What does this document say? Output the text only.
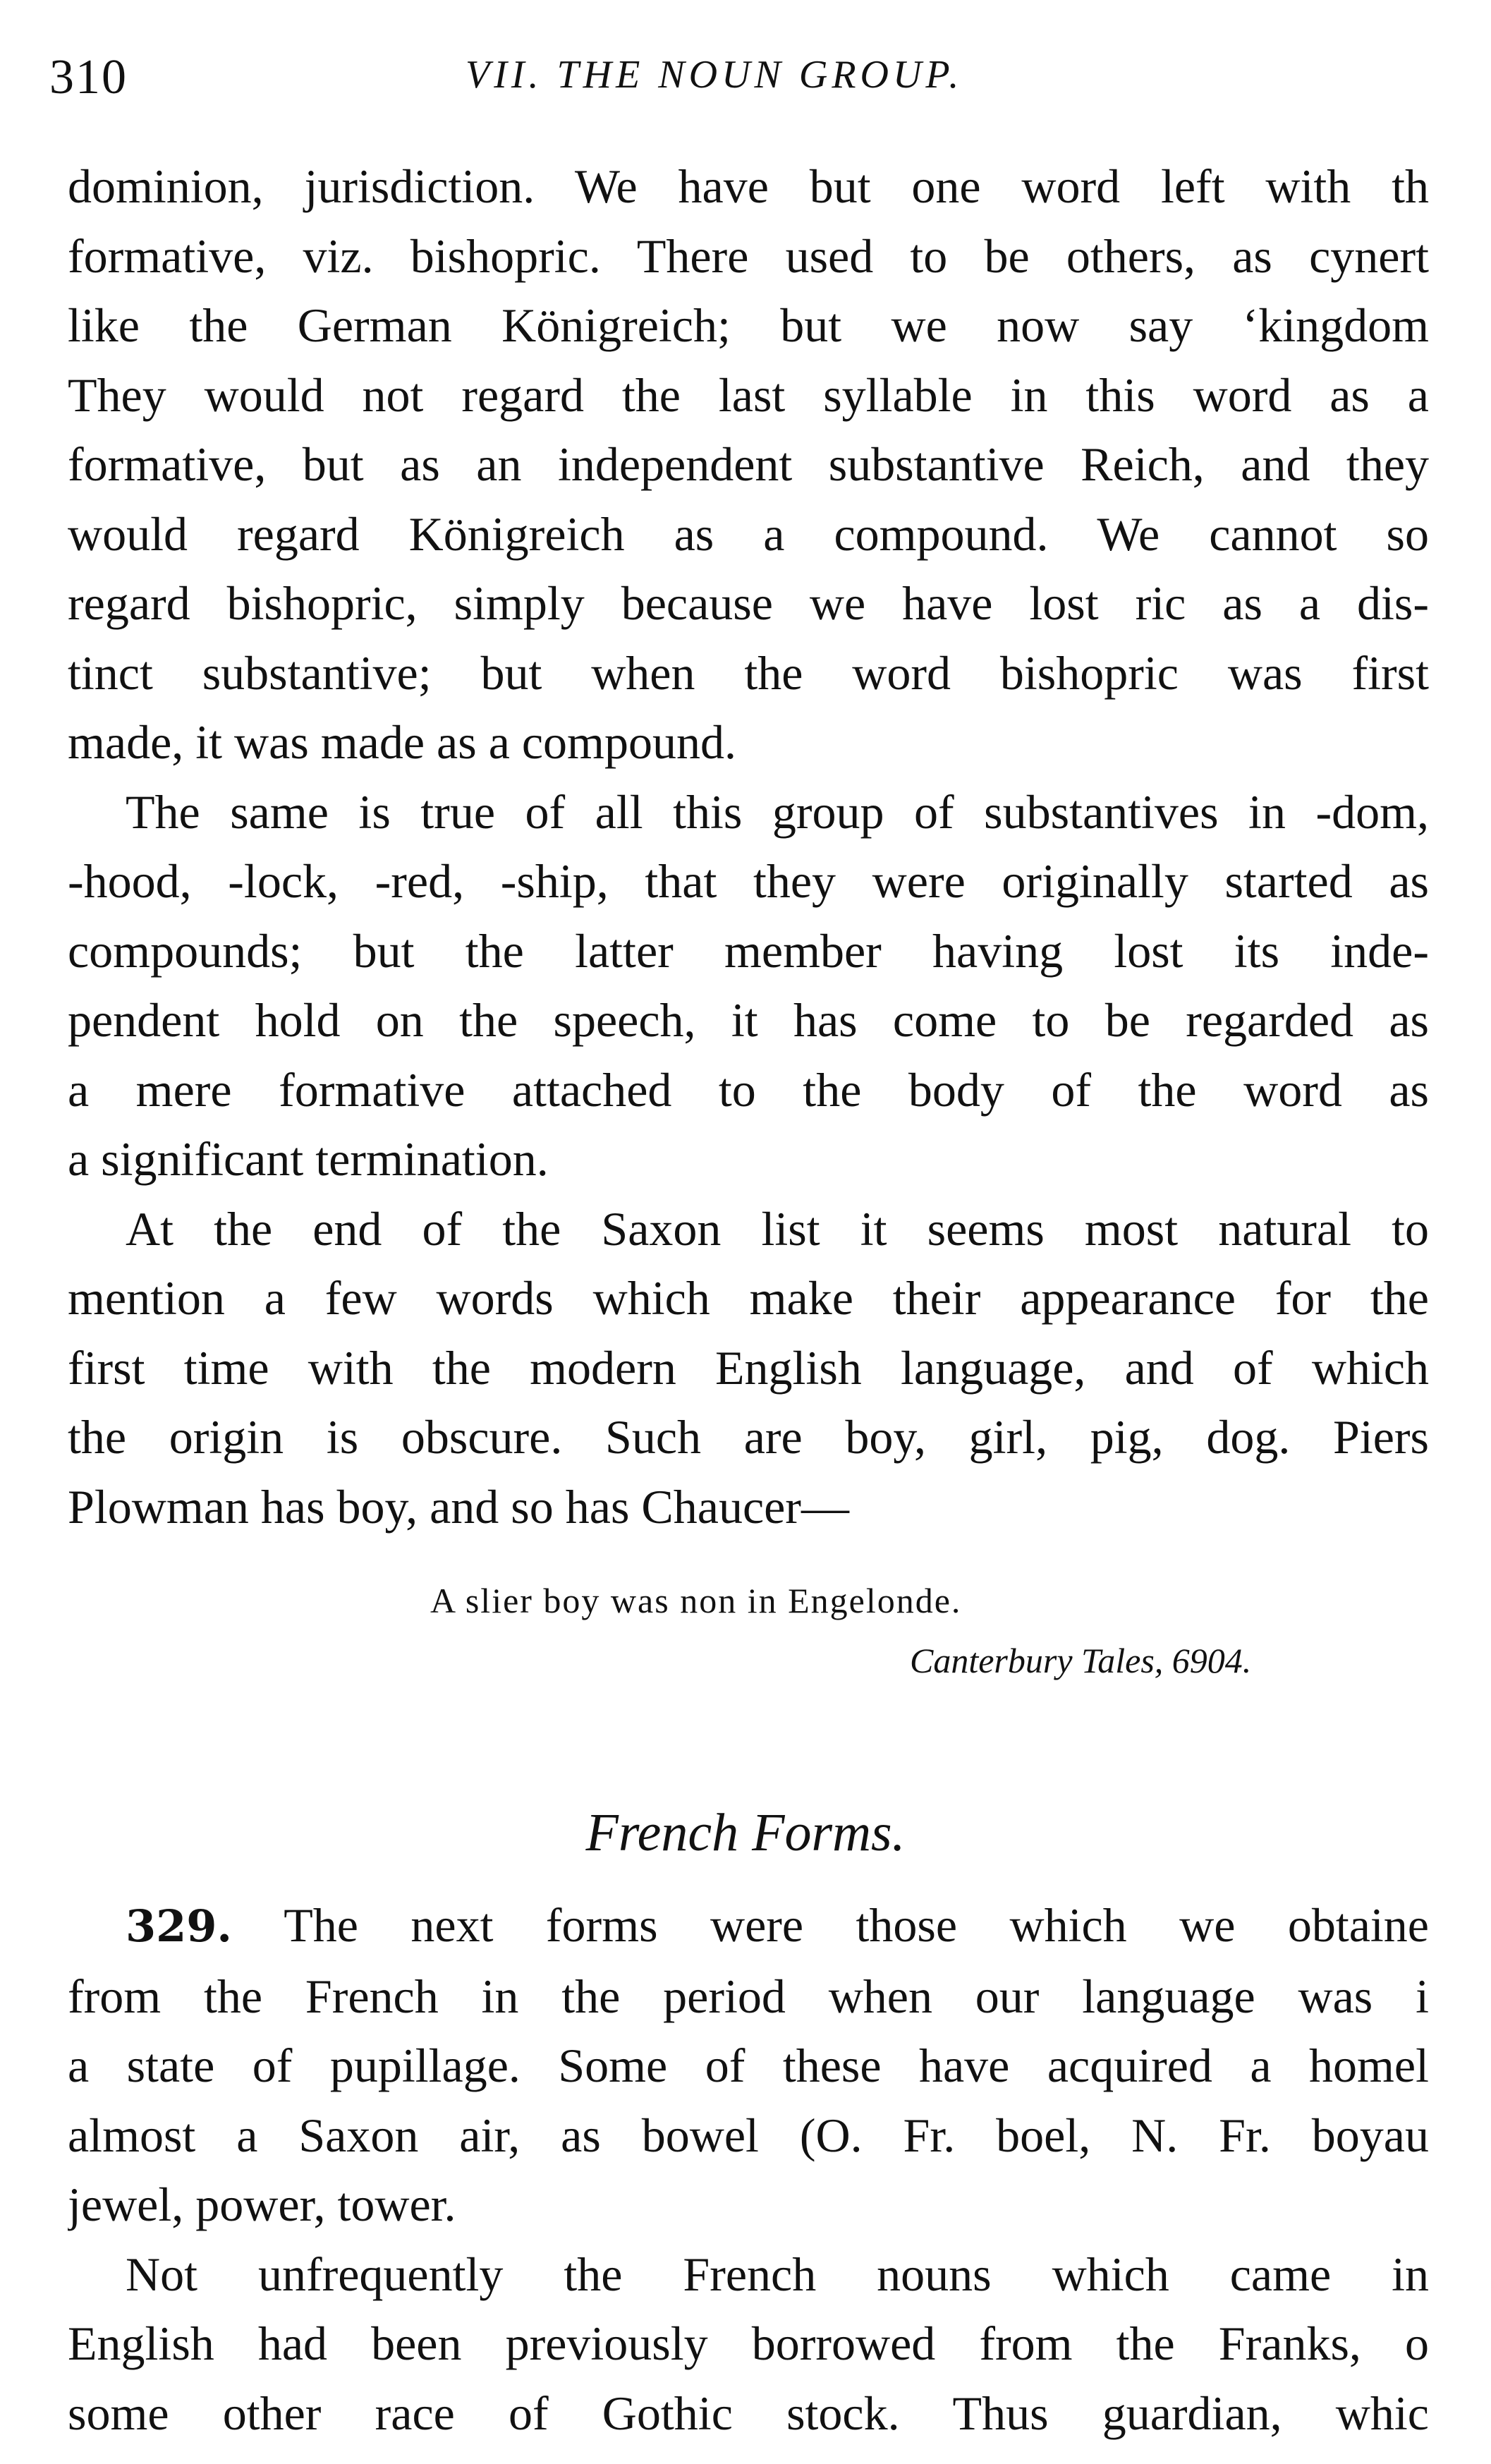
310	VII. THE NOUN GROUP.

dominion, jurisdiction. We have but one word left with th
formative, viz. bishopric. There used to be others, as cynert
like the German Königreich; but we now say ‘kingdom
They would not regard the last syllable in this word as a
formative, but as an independent substantive Reich, and they
would regard Königreich as a compound. We cannot so
regard bishopric, simply because we have lost ric as a dis-
tinct substantive; but when the word bishopric was first
made, it was made as a compound.

The same is true of all this group of substantives in -dom,
-hood, -lock, -red, -ship, that they were originally started as
compounds; but the latter member having lost its inde-
pendent hold on the speech, it has come to be regarded as
a mere formative attached to the body of the word as
a significant termination.

At the end of the Saxon list it seems most natural to
mention a few words which make their appearance for the
first time with the modern English language, and of which
the origin is obscure. Such are boy, girl, pig, dog. Piers
Plowman has boy, and so has Chaucer—

A slier boy was non in Engelonde.
Canterbury Tales, 6904.
French Forms.

329. The next forms were those which we obtaine
from the French in the period when our language was i
a state of pupillage. Some of these have acquired a homel
almost a Saxon air, as bowel (O. Fr. boel, N. Fr. boyau
jewel, power, tower.

Not unfrequently the French nouns which came in
English had been previously borrowed from the Franks, o
some other race of Gothic stock. Thus guardian, whic
